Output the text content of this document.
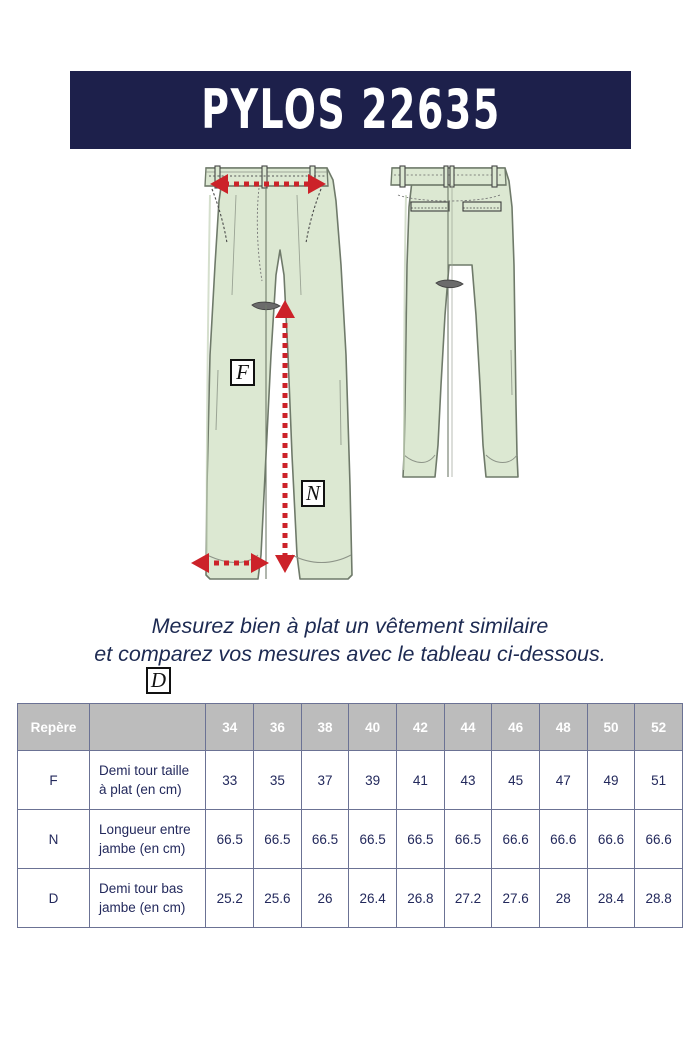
PYLOS 22635
F
N
D
Mesurez bien à plat un vêtement similaire
et comparez vos mesures avec le tableau ci-dessous.
Repère		34	36	38	40	42	44	46	48	50	52
F	Demi tour taille à plat (en cm)	33	35	37	39	41	43	45	47	49	51
N	Longueur entre jambe (en cm)	66.5	66.5	66.5	66.5	66.5	66.5	66.6	66.6	66.6	66.6
D	Demi tour bas jambe (en cm)	25.2	25.6	26	26.4	26.8	27.2	27.6	28	28.4	28.8
